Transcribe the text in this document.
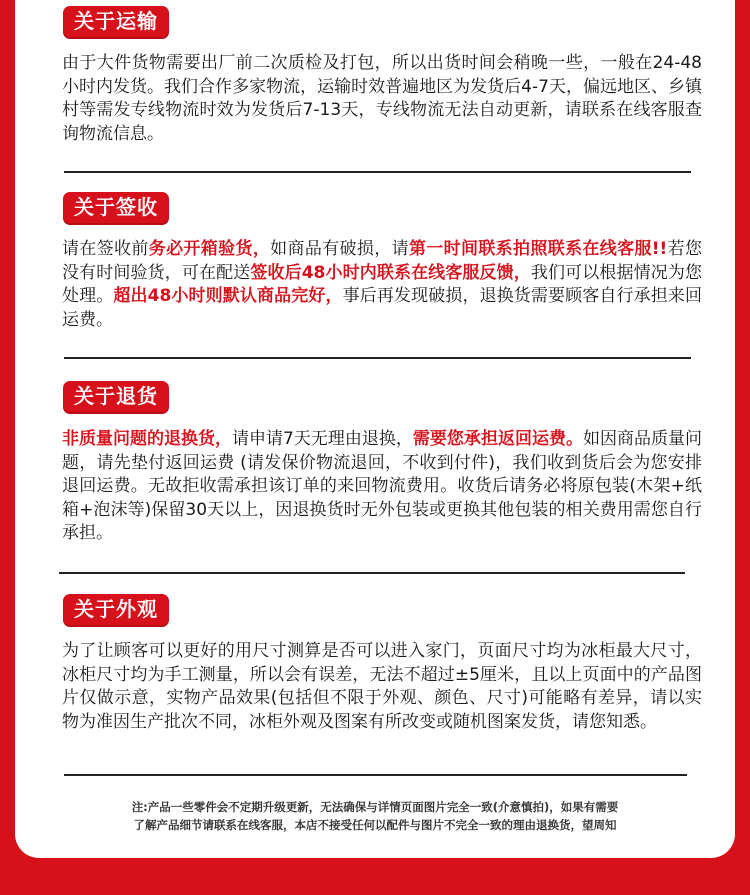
关于运输

由于大件货物需要出厂前二次质检及打包，所以出货时间会稍晚一些，一般在24-48小时内发货。我们合作多家物流，运输时效普遍地区为发货后4-7天，偏远地区、乡镇村等需发专线物流时效为发货后7-13天，专线物流无法自动更新，请联系在线客服查询物流信息。

关于签收

请在签收前务必开箱验货，如商品有破损，请第一时间联系拍照联系在线客服!!若您没有时间验货，可在配送签收后48小时内联系在线客服反馈，我们可以根据情况为您处理。超出48小时则默认商品完好，事后再发现破损，退换货需要顾客自行承担来回运费。

关于退货

非质量问题的退换货，请申请7天无理由退换，需要您承担返回运费。如因商品质量问题，请先垫付返回运费 (请发保价物流退回，不收到付件)，我们收到货后会为您安排退回运费。无故拒收需承担该订单的来回物流费用。收货后请务必将原包装(木架+纸箱+泡沫等)保留30天以上，因退换货时无外包装或更换其他包装的相关费用需您自行承担。

关于外观

为了让顾客可以更好的用尺寸测算是否可以进入家门，页面尺寸均为冰柜最大尺寸，冰柜尺寸均为手工测量，所以会有误差，无法不超过±5厘米，且以上页面中的产品图片仅做示意，实物产品效果(包括但不限于外观、颜色、尺寸)可能略有差异，请以实物为准因生产批次不同，冰柜外观及图案有所改变或随机图案发货，请您知悉。

注:产品一些零件会不定期升级更新，无法确保与详情页面图片完全一致(介意慎拍)，如果有需要
了解产品细节请联系在线客服，本店不接受任何以配件与图片不完全一致的理由退换货，望周知
